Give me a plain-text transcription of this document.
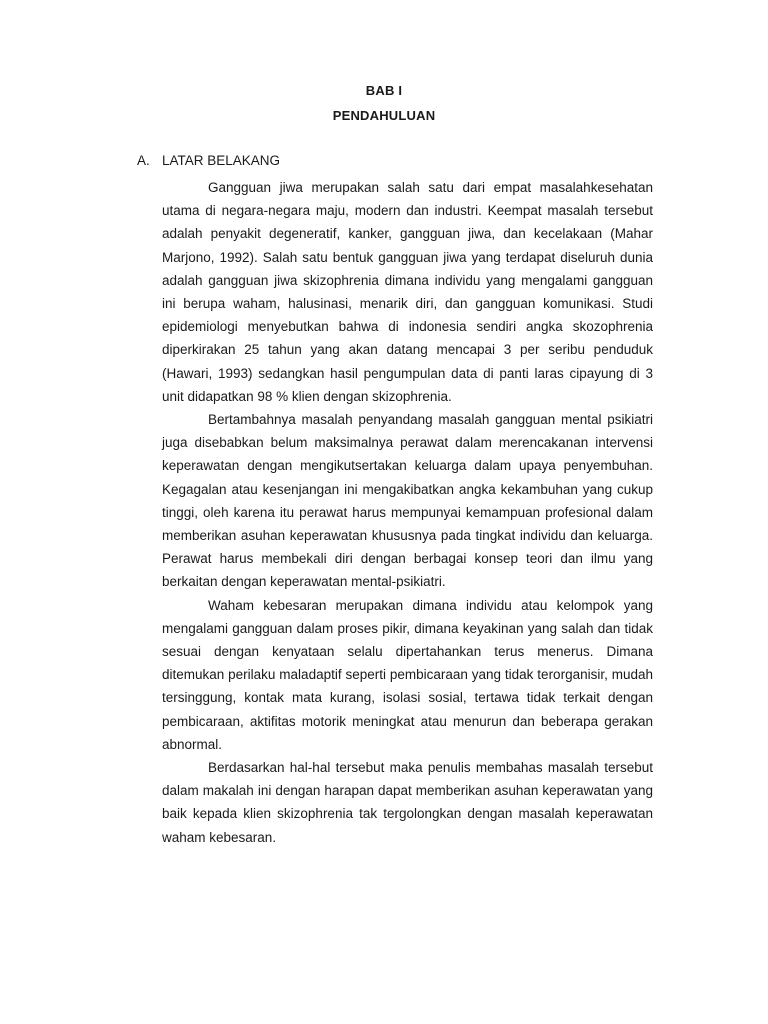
BAB I
PENDAHULUAN
A. LATAR BELAKANG

Gangguan jiwa merupakan salah satu dari empat masalahkesehatan utama di negara-negara maju, modern dan industri. Keempat masalah tersebut adalah penyakit degeneratif, kanker, gangguan jiwa, dan kecelakaan (Mahar Marjono, 1992). Salah satu bentuk gangguan jiwa yang terdapat diseluruh dunia adalah gangguan jiwa skizophrenia dimana individu yang mengalami gangguan ini berupa waham, halusinasi, menarik diri, dan gangguan komunikasi. Studi epidemiologi menyebutkan bahwa di indonesia sendiri angka skozophrenia diperkirakan 25 tahun yang akan datang mencapai 3 per seribu penduduk (Hawari, 1993) sedangkan hasil pengumpulan data di panti laras cipayung di 3 unit didapatkan 98 % klien dengan skizophrenia.

Bertambahnya masalah penyandang masalah gangguan mental psikiatri juga disebabkan belum maksimalnya perawat dalam merencakanan intervensi keperawatan dengan mengikutsertakan keluarga dalam upaya penyembuhan. Kegagalan atau kesenjangan ini mengakibatkan angka kekambuhan yang cukup tinggi, oleh karena itu perawat harus mempunyai kemampuan profesional dalam memberikan asuhan keperawatan khususnya pada tingkat individu dan keluarga. Perawat harus membekali diri dengan berbagai konsep teori dan ilmu yang berkaitan dengan keperawatan mental-psikiatri.

Waham kebesaran merupakan dimana individu atau kelompok yang mengalami gangguan dalam proses pikir, dimana keyakinan yang salah dan tidak sesuai dengan kenyataan selalu dipertahankan terus menerus. Dimana ditemukan perilaku maladaptif seperti pembicaraan yang tidak terorganisir, mudah tersinggung, kontak mata kurang, isolasi sosial, tertawa tidak terkait dengan pembicaraan, aktifitas motorik meningkat atau menurun dan beberapa gerakan abnormal.

Berdasarkan hal-hal tersebut maka penulis membahas masalah tersebut dalam makalah ini dengan harapan dapat memberikan asuhan keperawatan yang baik kepada klien skizophrenia tak tergolongkan dengan masalah keperawatan waham kebesaran.
